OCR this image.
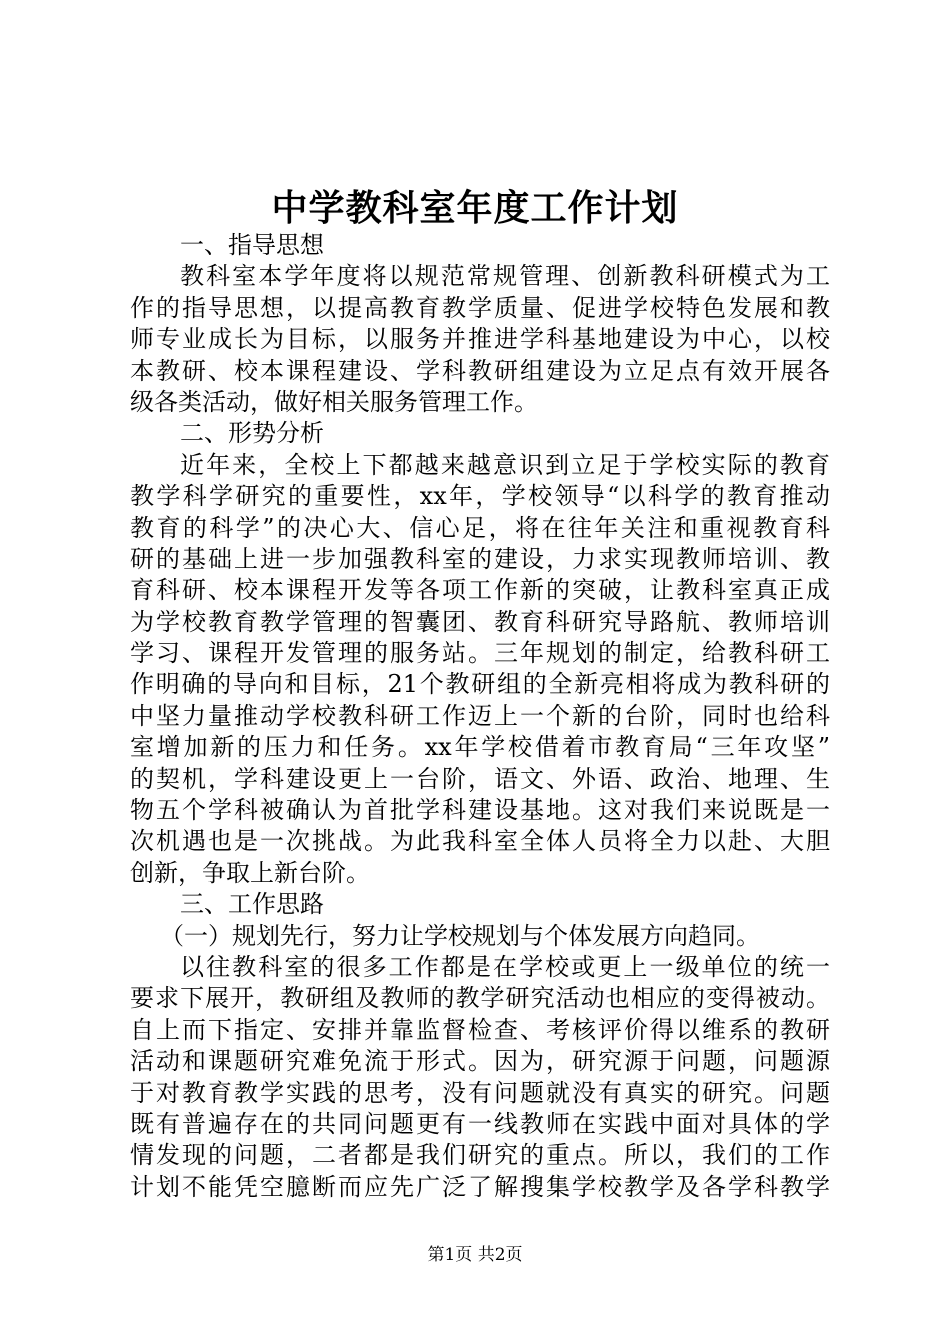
中学教科室年度工作计划
一、指导思想
教科室本学年度将以规范常规管理、创新教科研模式为工
作的指导思想，以提高教育教学质量、促进学校特色发展和教
师专业成长为目标，以服务并推进学科基地建设为中心，以校
本教研、校本课程建设、学科教研组建设为立足点有效开展各
级各类活动，做好相关服务管理工作。
二、形势分析
近年来，全校上下都越来越意识到立足于学校实际的教育
教学科学研究的重要性，xx年，学校领导“以科学的教育推动
教育的科学”的决心大、信心足，将在往年关注和重视教育科
研的基础上进一步加强教科室的建设，力求实现教师培训、教
育科研、校本课程开发等各项工作新的突破，让教科室真正成
为学校教育教学管理的智囊团、教育科研究导路航、教师培训
学习、课程开发管理的服务站。三年规划的制定，给教科研工
作明确的导向和目标，21个教研组的全新亮相将成为教科研的
中坚力量推动学校教科研工作迈上一个新的台阶，同时也给科
室增加新的压力和任务。xx年学校借着市教育局“三年攻坚”
的契机，学科建设更上一台阶，语文、外语、政治、地理、生
物五个学科被确认为首批学科建设基地。这对我们来说既是一
次机遇也是一次挑战。为此我科室全体人员将全力以赴、大胆
创新，争取上新台阶。
三、工作思路
（一）规划先行，努力让学校规划与个体发展方向趋同。
以往教科室的很多工作都是在学校或更上一级单位的统一
要求下展开，教研组及教师的教学研究活动也相应的变得被动。
自上而下指定、安排并靠监督检查、考核评价得以维系的教研
活动和课题研究难免流于形式。因为，研究源于问题，问题源
于对教育教学实践的思考，没有问题就没有真实的研究。问题
既有普遍存在的共同问题更有一线教师在实践中面对具体的学
情发现的问题，二者都是我们研究的重点。所以，我们的工作
计划不能凭空臆断而应先广泛了解搜集学校教学及各学科教学
第1页 共2页
